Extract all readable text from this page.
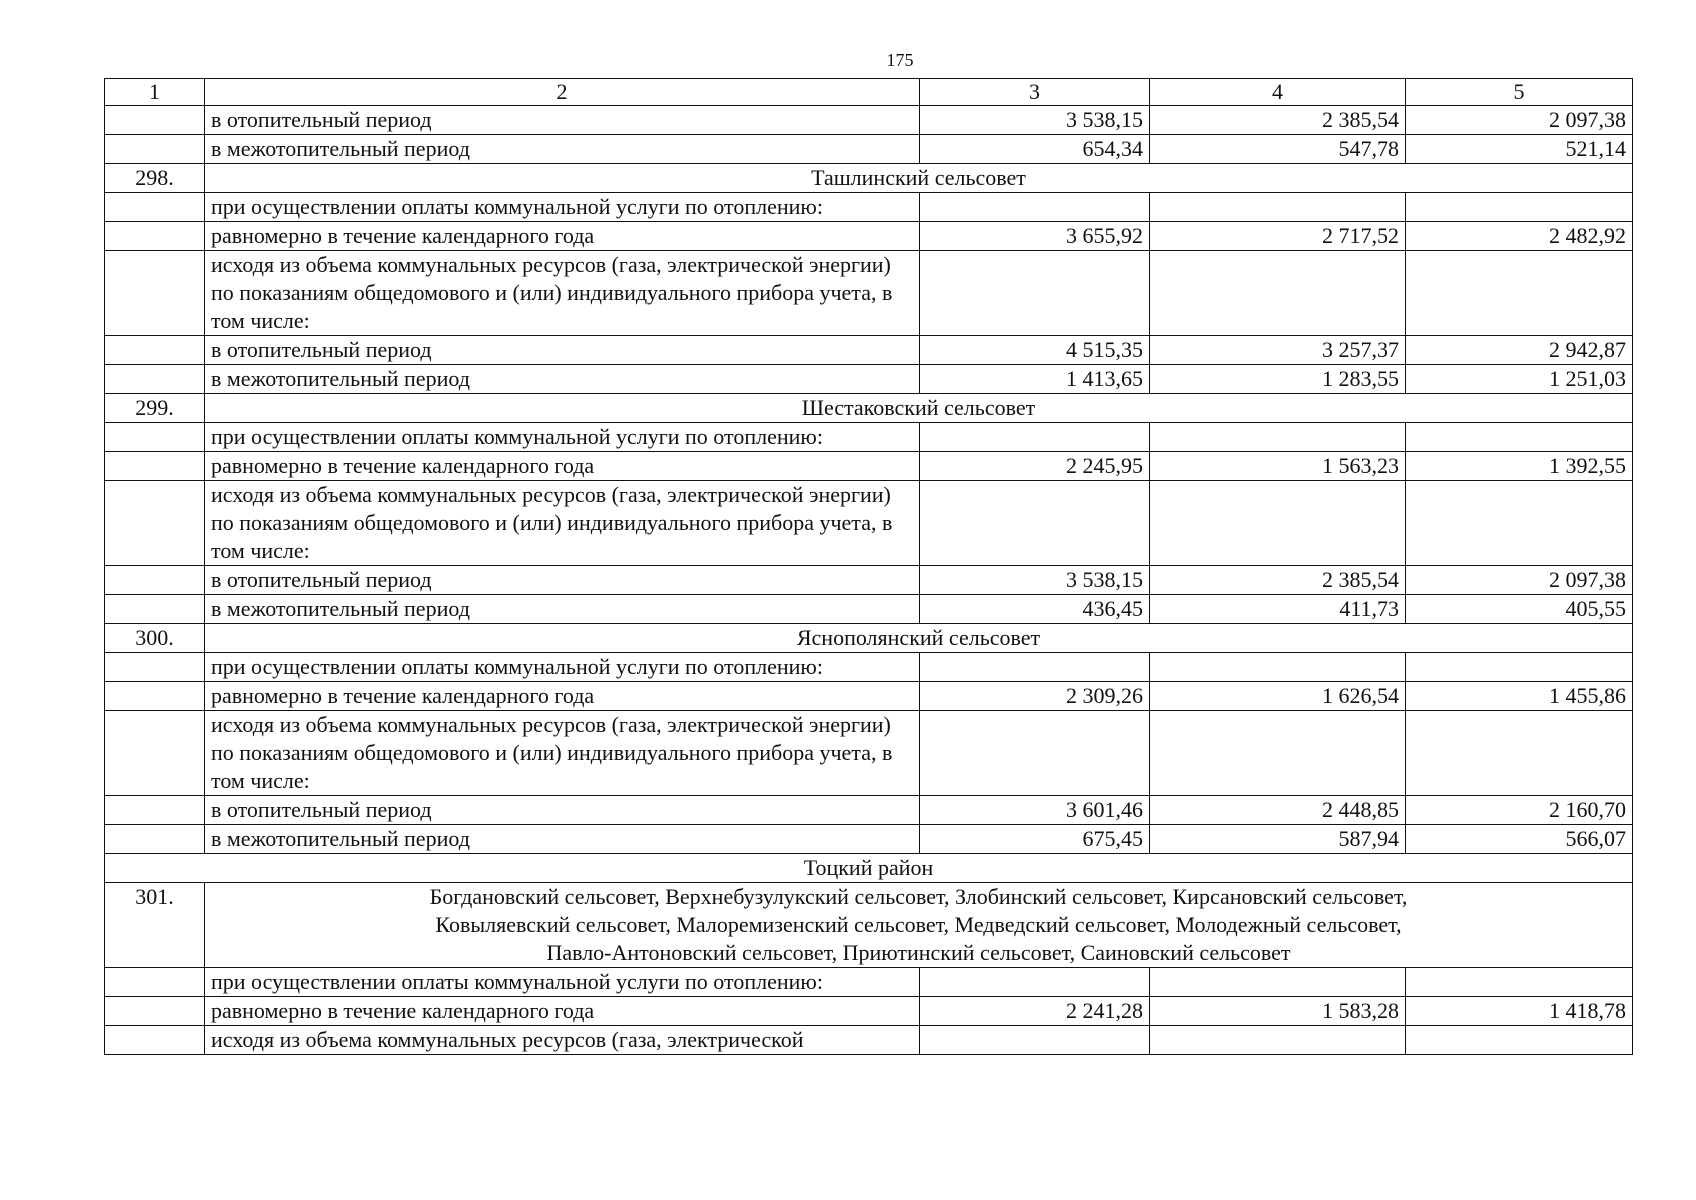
175
1	2	3	4	5
	в отопительный период	3 538,15	2 385,54	2 097,38
	в межотопительный период	654,34	547,78	521,14
298.	Ташлинский сельсовет			
	при осуществлении оплаты коммунальной услуги по отоплению:			
	равномерно в течение календарного года	3 655,92	2 717,52	2 482,92
	исходя из объема коммунальных ресурсов (газа, электрической энергии) по показаниям общедомового и (или) индивидуального прибора учета, в том числе:			
	в отопительный период	4 515,35	3 257,37	2 942,87
	в межотопительный период	1 413,65	1 283,55	1 251,03
299.	Шестаковский сельсовет			
	при осуществлении оплаты коммунальной услуги по отоплению:			
	равномерно в течение календарного года	2 245,95	1 563,23	1 392,55
	исходя из объема коммунальных ресурсов (газа, электрической энергии) по показаниям общедомового и (или) индивидуального прибора учета, в том числе:			
	в отопительный период	3 538,15	2 385,54	2 097,38
	в межотопительный период	436,45	411,73	405,55
300.	Яснополянский сельсовет			
	при осуществлении оплаты коммунальной услуги по отоплению:			
	равномерно в течение календарного года	2 309,26	1 626,54	1 455,86
	исходя из объема коммунальных ресурсов (газа, электрической энергии) по показаниям общедомового и (или) индивидуального прибора учета, в том числе:			
	в отопительный период	3 601,46	2 448,85	2 160,70
	в межотопительный период	675,45	587,94	566,07
Тоцкий район				
301.	Богдановский сельсовет, Верхнебузулукский сельсовет, Злобинский сельсовет, Кирсановский сельсовет,
Ковыляевский сельсовет, Малоремизенский сельсовет, Медведский сельсовет, Молодежный сельсовет,
Павло-Антоновский сельсовет, Приютинский сельсовет, Саиновский сельсовет			

	при осуществлении оплаты коммунальной услуги по отоплению:			
	равномерно в течение календарного года	2 241,28	1 583,28	1 418,78
	исходя из объема коммунальных ресурсов (газа, электрической			
